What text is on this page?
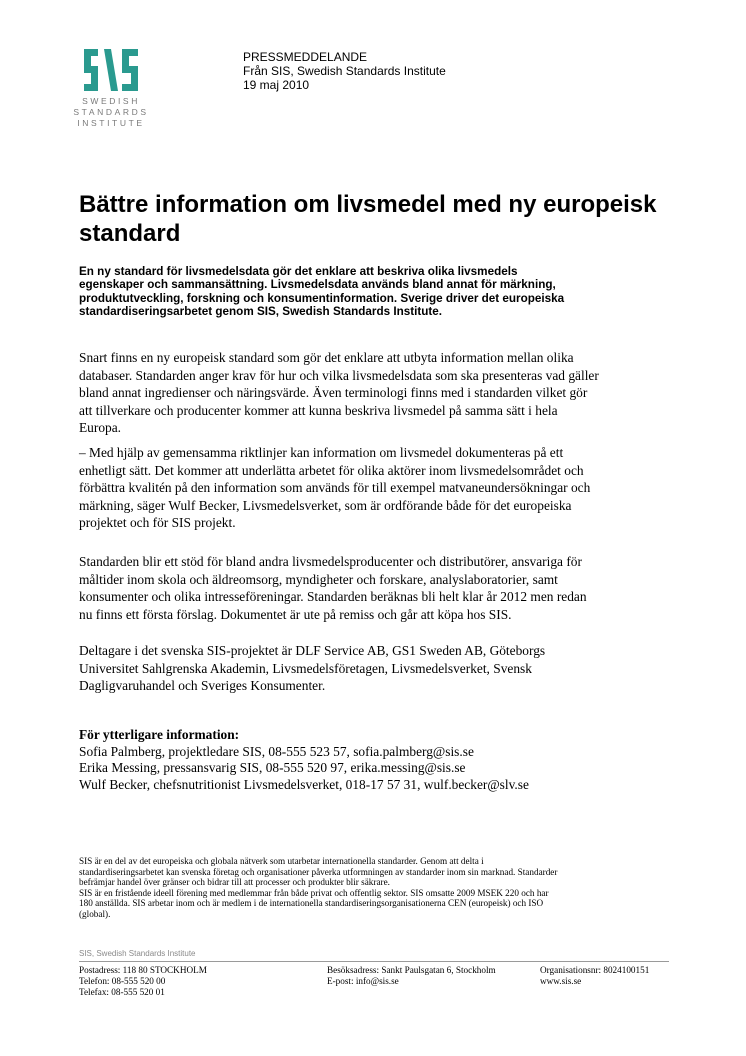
SWEDISH
STANDARDS
INSTITUTE
PRESSMEDDELANDE
Från SIS, Swedish Standards Institute
19 maj 2010
Bättre information om livsmedel med ny europeisk standard
En ny standard för livsmedelsdata gör det enklare att beskriva olika livsmedels
egenskaper och sammansättning. Livsmedelsdata används bland annat för märkning,
produktutveckling, forskning och konsumentinformation. Sverige driver det europeiska
standardiseringsarbetet genom SIS, Swedish Standards Institute.
Snart finns en ny europeisk standard som gör det enklare att utbyta information mellan olika
databaser. Standarden anger krav för hur och vilka livsmedelsdata som ska presenteras vad gäller
bland annat ingredienser och näringsvärde. Även terminologi finns med i standarden vilket gör
att tillverkare och producenter kommer att kunna beskriva livsmedel på samma sätt i hela
Europa.
– Med hjälp av gemensamma riktlinjer kan information om livsmedel dokumenteras på ett
enhetligt sätt. Det kommer att underlätta arbetet för olika aktörer inom livsmedelsområdet och
förbättra kvalitén på den information som används för till exempel matvaneundersökningar och
märkning, säger Wulf Becker, Livsmedelsverket, som är ordförande både för det europeiska
projektet och för SIS projekt.
Standarden blir ett stöd för bland andra livsmedelsproducenter och distributörer, ansvariga för
måltider inom skola och äldreomsorg, myndigheter och forskare, analyslaboratorier, samt
konsumenter och olika intresseföreningar. Standarden beräknas bli helt klar år 2012 men redan
nu finns ett första förslag. Dokumentet är ute på remiss och går att köpa hos SIS.
Deltagare i det svenska SIS-projektet är DLF Service AB, GS1 Sweden AB, Göteborgs
Universitet Sahlgrenska Akademin, Livsmedelsföretagen, Livsmedelsverket, Svensk
Dagligvaruhandel och Sveriges Konsumenter.
För ytterligare information:
Sofia Palmberg, projektledare SIS, 08-555 523 57, sofia.palmberg@sis.se
Erika Messing, pressansvarig SIS, 08-555 520 97, erika.messing@sis.se
Wulf Becker, chefsnutritionist Livsmedelsverket, 018-17 57 31, wulf.becker@slv.se
SIS är en del av det europeiska och globala nätverk som utarbetar internationella standarder. Genom att delta i
standardiseringsarbetet kan svenska företag och organisationer påverka utformningen av standarder inom sin marknad. Standarder
befrämjar handel över gränser och bidrar till att processer och produkter blir säkrare.
SIS är en fristående ideell förening med medlemmar från både privat och offentlig sektor. SIS omsatte 2009 MSEK 220 och har
180 anställda. SIS arbetar inom och är medlem i de internationella standardiseringsorganisationerna CEN (europeisk) och ISO
(global).
SIS, Swedish Standards Institute
Postadress: 118 80 STOCKHOLM
Telefon: 08-555 520 00
Telefax: 08-555 520 01
Besöksadress: Sankt Paulsgatan 6, Stockholm
E-post: info@sis.se
Organisationsnr: 8024100151
www.sis.se
